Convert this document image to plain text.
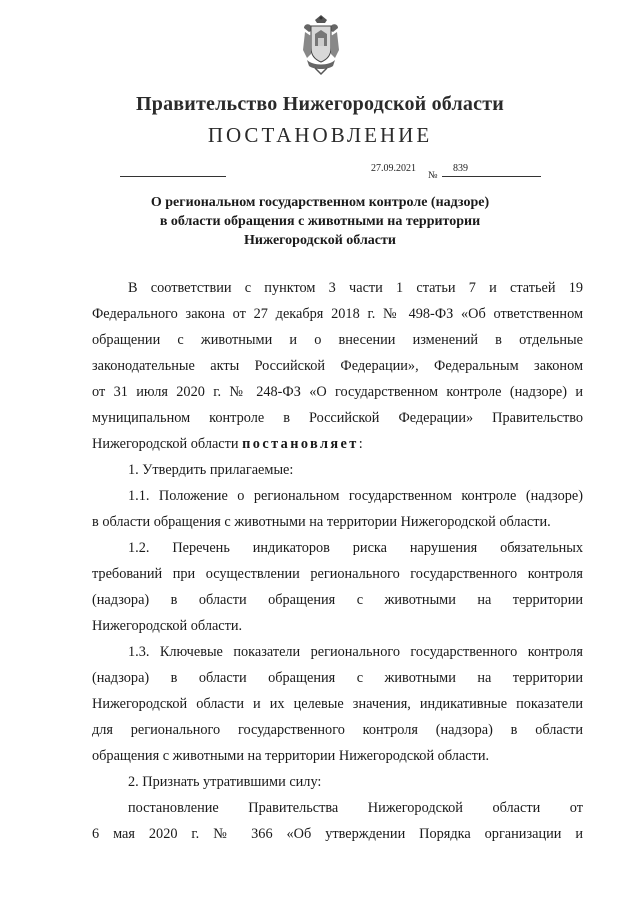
Правительство Нижегородской области
ПОСТАНОВЛЕНИЕ
27.09.2021
№
839
О региональном государственном контроле (надзоре)
в области обращения с животными на территории
Нижегородской области
В соответствии с пунктом 3 части 1 статьи 7 и статьей 19
Федерального закона от 27 декабря 2018 г. № 498-ФЗ «Об ответственном
обращении с животными и о внесении изменений в отдельные
законодательные акты Российской Федерации», Федеральным законом
от 31 июля 2020 г. № 248-ФЗ «О государственном контроле (надзоре) и
муниципальном контроле в Российской Федерации» Правительство
Нижегородской области постановляет:
1. Утвердить прилагаемые:
1.1. Положение о региональном государственном контроле (надзоре)
в области обращения с животными на территории Нижегородской области.
1.2. Перечень индикаторов риска нарушения обязательных
требований при осуществлении регионального государственного контроля
(надзора) в области обращения с животными на территории
Нижегородской области.
1.3. Ключевые показатели регионального государственного контроля
(надзора) в области обращения с животными на территории
Нижегородской области и их целевые значения, индикативные показатели
для регионального государственного контроля (надзора) в области
обращения с животными на территории Нижегородской области.
2. Признать утратившими силу:
постановление Правительства Нижегородской области от
6 мая 2020 г. № 366 «Об утверждении Порядка организации и
